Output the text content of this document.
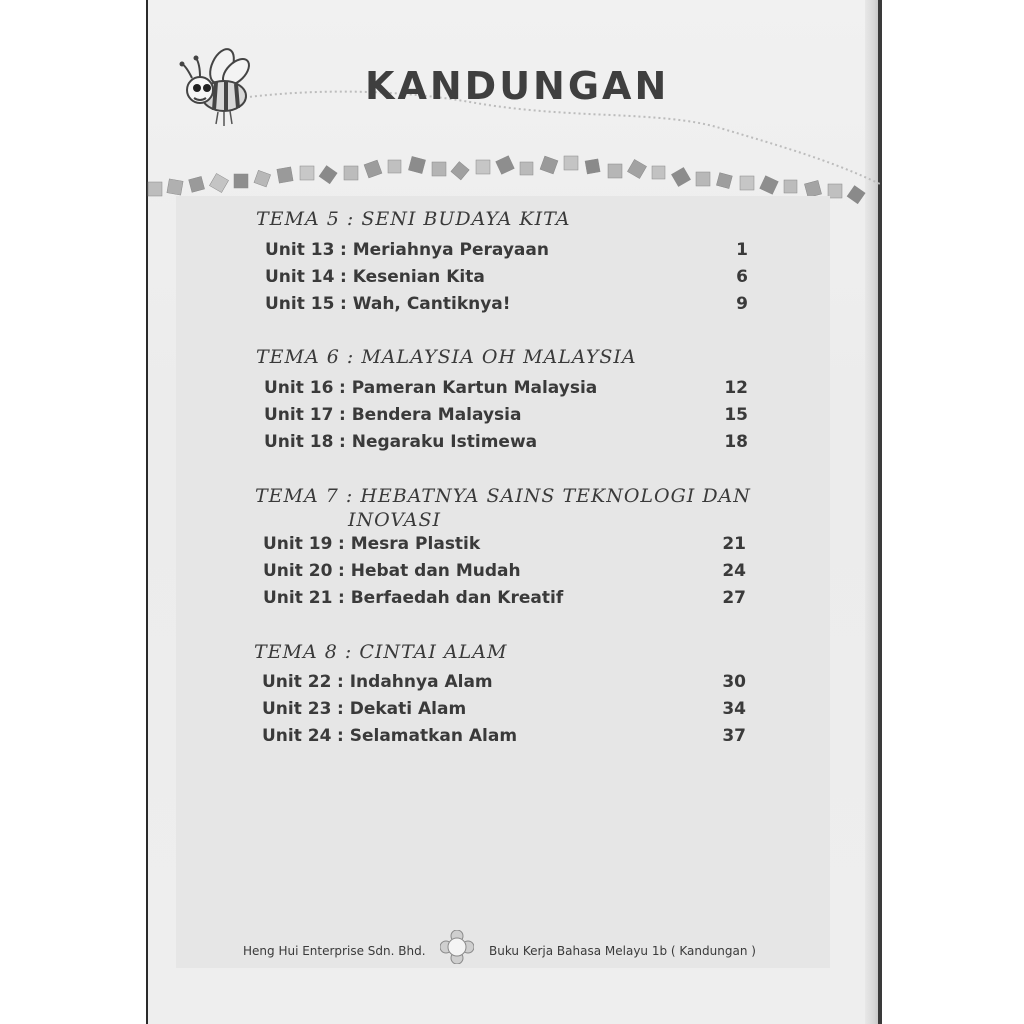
KANDUNGAN
TEMA 5 : SENI BUDAYA KITA
Unit 13 : Meriahnya Perayaan	1
Unit 14 : Kesenian Kita	6
Unit 15 : Wah, Cantiknya!	9
TEMA 6 : MALAYSIA OH MALAYSIA
Unit 16 : Pameran Kartun Malaysia	12
Unit 17 : Bendera Malaysia	15
Unit 18 : Negaraku Istimewa	18
TEMA 7 : HEBATNYA SAINS TEKNOLOGI DAN
INOVASI
Unit 19 : Mesra Plastik	21
Unit 20 : Hebat dan Mudah	24
Unit 21 : Berfaedah dan Kreatif	27
TEMA 8 : CINTAI ALAM
Unit 22 : Indahnya Alam	30
Unit 23 : Dekati Alam	34
Unit 24 : Selamatkan Alam	37
Heng Hui Enterprise Sdn. Bhd.	Buku Kerja Bahasa Melayu 1b ( Kandungan )
